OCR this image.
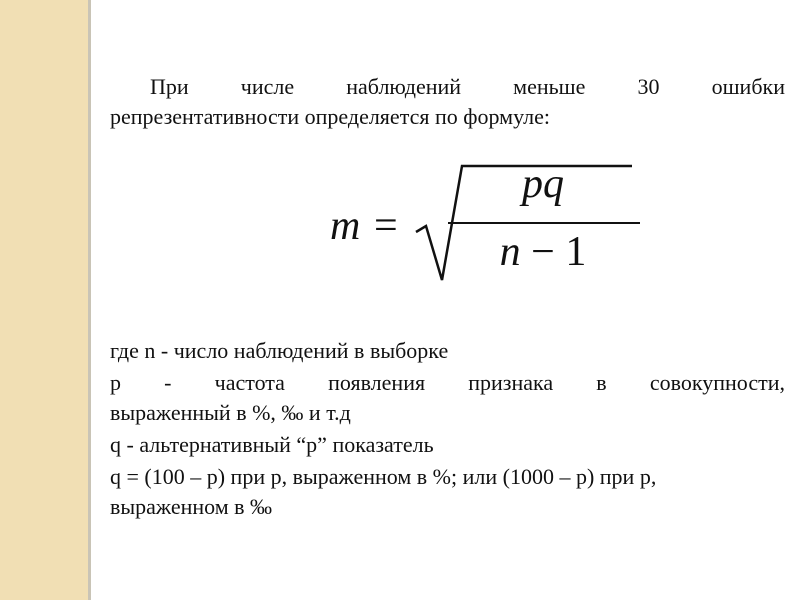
При числе наблюдений меньше 30 ошибки
репрезентативности определяется по формуле:
m =
pq
n − 1
где n - число наблюдений в выборке
p - частота появления признака в совокупности,
выраженный в %, ‰ и т.д
q - альтернативный “p” показатель
q = (100 – p) при p, выраженном в %; или (1000 – p) при p,
выраженном в ‰
